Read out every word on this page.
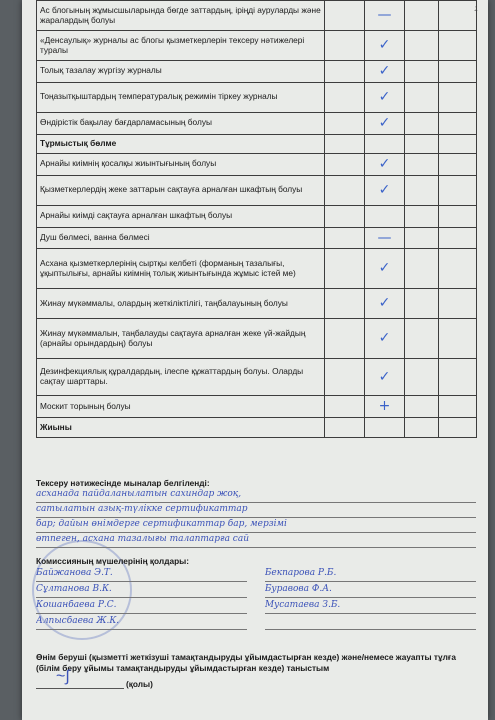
1
Ас блогының жұмысшыларында бөгде заттардың, іріңді ауруларды және жаралардың болуы		—		
«Денсаулық» журналы ас блогы қызметкерлерін тексеру нәтижелері туралы		✓		
Толық тазалау жүргізу журналы		✓		
Тоңазытқыштардың температуралық режимін тіркеу журналы		✓		
Өндірістік бақылау бағдарламасының болуы		✓		
Тұрмыстық бөлме				
Арнайы киімнің қосалқы жиынтығының болуы		✓		
Қызметкерлердің жеке заттарын сақтауға арналған шкафтың болуы		✓		
Арнайы киімді сақтауға арналған шкафтың болуы				
Душ бөлмесі, ванна бөлмесі		—		
Асхана қызметкерлерінің сыртқы келбеті (форманың тазалығы, ұқыптылығы, арнайы киімнің толық жиынтығында жұмыс істей ме)		✓		
Жинау мүкәммалы, олардың жеткіліктілігі, таңбалауының болуы		✓		
Жинау мүкәммалын, таңбалауды сақтауға арналған жеке үй-жайдың (арнайы орындардың) болуы		✓		
Дезинфекциялық құралдардың, ілеспе құжаттардың болуы. Оларды сақтау шарттары.		✓		
Москит торының болуы		+		
Жиыны				
Тексеру нәтижесінде мыналар белгіленді:
асханада пайдаланылатын сахиндар жоқ,
сатылатын азық-түлікке сертификаттар
бар; дайын өнімдерге сертификаттар бар, мерзімі
өтпеген, асхана тазалығы талаптарға сай
Комиссияның мүшелерінің қолдары:
Байжанова Э.Т.	Бекпарова Р.Б.
Сұлтанова В.К.	Буравова Ф.А.
Кошанбаева Р.С.	Мусатаева З.Б.
Алпысбаева Ж.К.
Өнім беруші (қызметті жеткізуші тамақтандыруды ұйымдастырған кезде) және/немесе жауапты тұлға (білім беру ұйымы тамақтандыруды ұйымдастырған кезде) таныстым
~∫	(қолы)
